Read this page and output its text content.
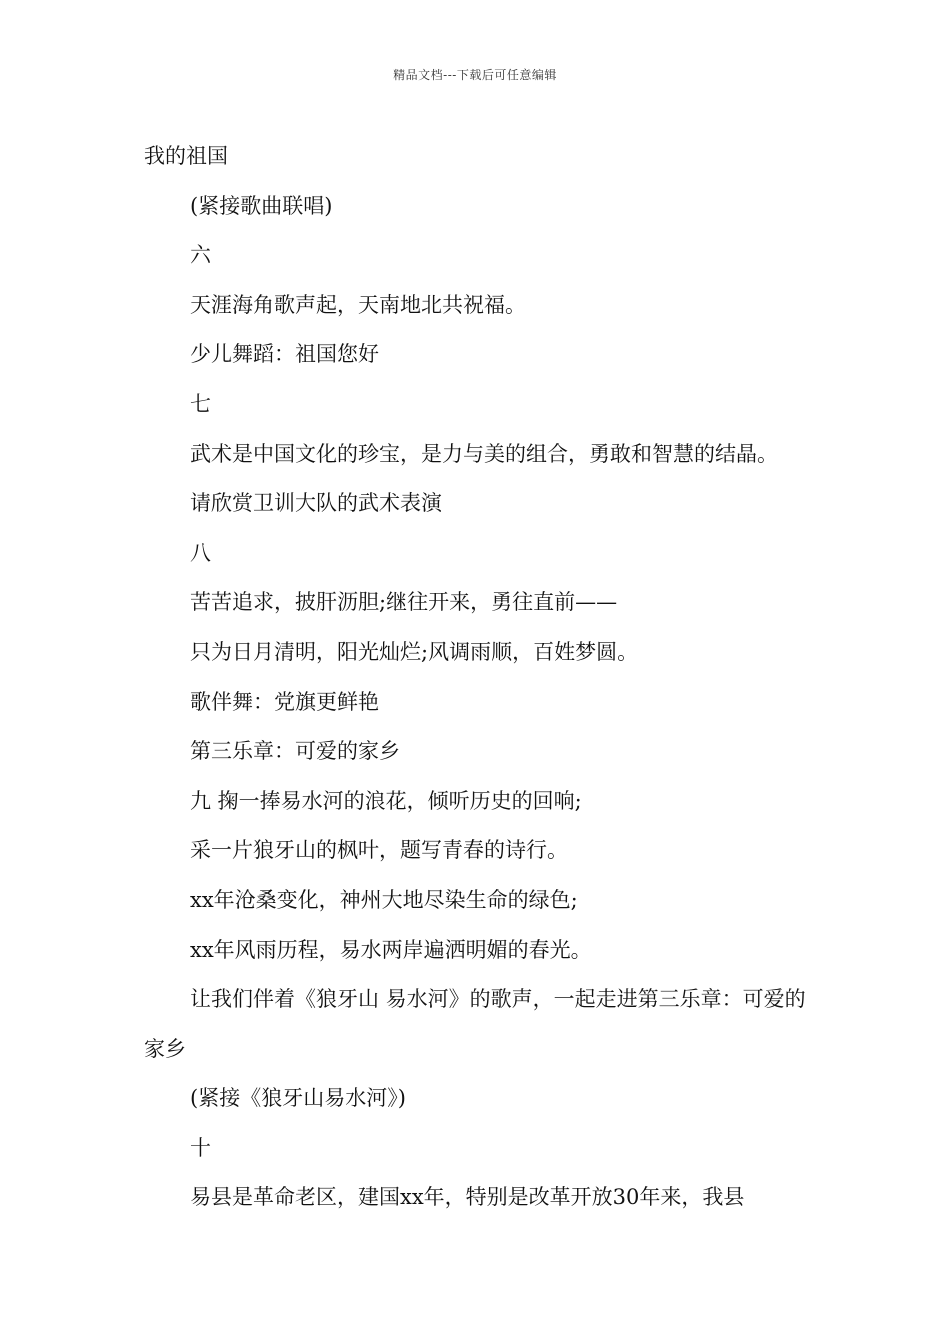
精品文档---下载后可任意编辑
我的祖国
(紧接歌曲联唱)
六
天涯海角歌声起，天南地北共祝福。
少儿舞蹈：祖国您好
七
武术是中国文化的珍宝，是力与美的组合，勇敢和智慧的结晶。
请欣赏卫训大队的武术表演
八
苦苦追求，披肝沥胆;继往开来，勇往直前——
只为日月清明，阳光灿烂;风调雨顺，百姓梦圆。
歌伴舞：党旗更鲜艳
第三乐章：可爱的家乡
九 掬一捧易水河的浪花，倾听历史的回响;
采一片狼牙山的枫叶，题写青春的诗行。
xx年沧桑变化，神州大地尽染生命的绿色;
xx年风雨历程，易水两岸遍洒明媚的春光。
让我们伴着《狼牙山 易水河》的歌声，一起走进第三乐章：可爱的家乡
(紧接《狼牙山易水河》)
十
易县是革命老区，建国xx年，特别是改革开放30年来，我县
